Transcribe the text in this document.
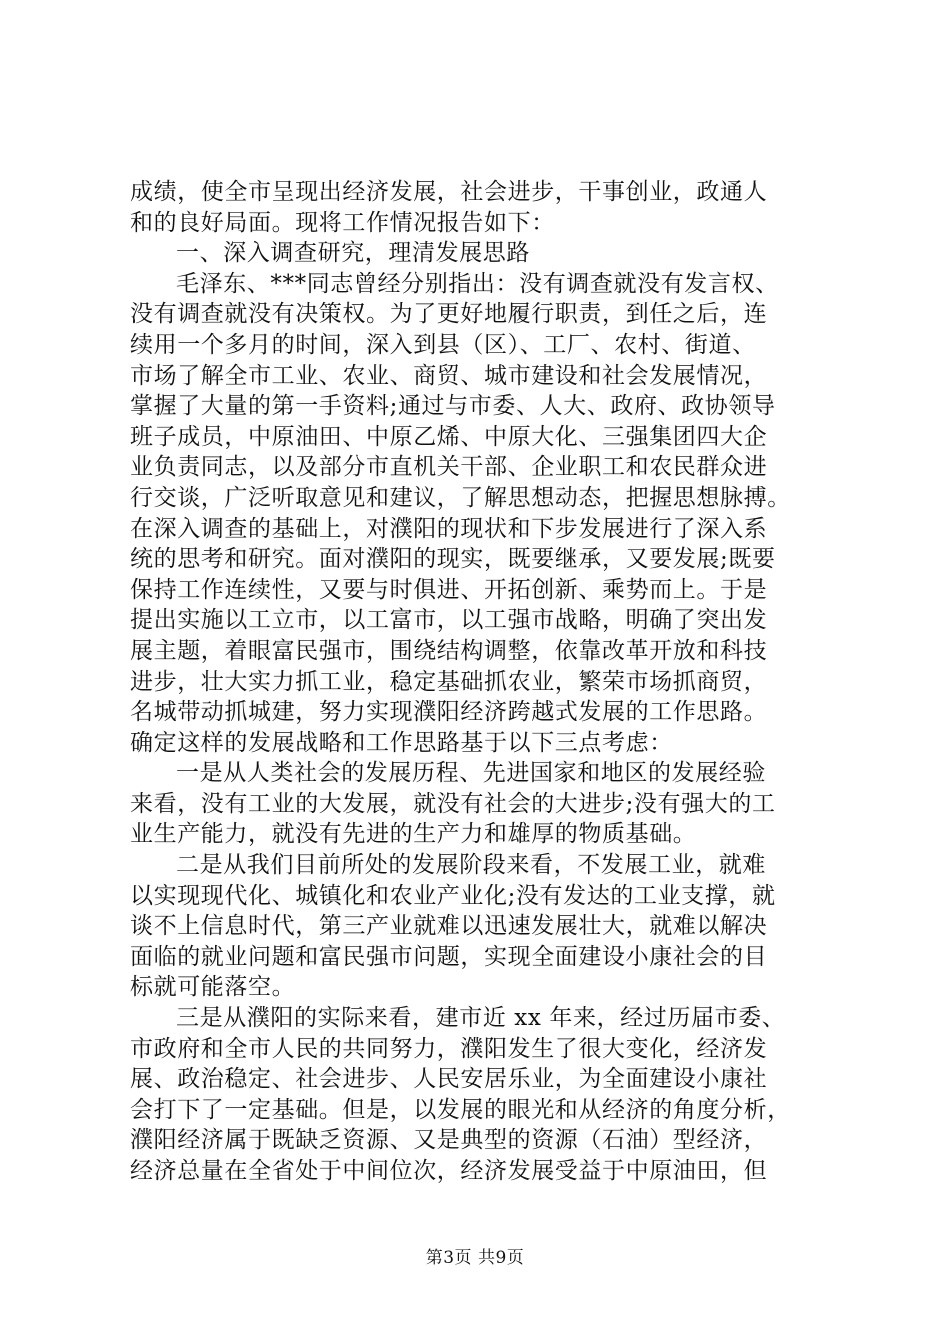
成绩，使全市呈现出经济发展，社会进步，干事创业，政通人
和的良好局面。现将工作情况报告如下：
一、深入调查研究，理清发展思路
毛泽东、***同志曾经分别指出：没有调查就没有发言权、
没有调查就没有决策权。为了更好地履行职责，到任之后，连
续用一个多月的时间，深入到县（区）、工厂、农村、街道、
市场了解全市工业、农业、商贸、城市建设和社会发展情况，
掌握了大量的第一手资料;通过与市委、人大、政府、政协领导
班子成员，中原油田、中原乙烯、中原大化、三强集团四大企
业负责同志，以及部分市直机关干部、企业职工和农民群众进
行交谈，广泛听取意见和建议，了解思想动态，把握思想脉搏。
在深入调查的基础上，对濮阳的现状和下步发展进行了深入系
统的思考和研究。面对濮阳的现实，既要继承，又要发展;既要
保持工作连续性，又要与时俱进、开拓创新、乘势而上。于是
提出实施以工立市，以工富市，以工强市战略，明确了突出发
展主题，着眼富民强市，围绕结构调整，依靠改革开放和科技
进步，壮大实力抓工业，稳定基础抓农业，繁荣市场抓商贸，
名城带动抓城建，努力实现濮阳经济跨越式发展的工作思路。
确定这样的发展战略和工作思路基于以下三点考虑：
一是从人类社会的发展历程、先进国家和地区的发展经验
来看，没有工业的大发展，就没有社会的大进步;没有强大的工
业生产能力，就没有先进的生产力和雄厚的物质基础。
二是从我们目前所处的发展阶段来看，不发展工业，就难
以实现现代化、城镇化和农业产业化;没有发达的工业支撑，就
谈不上信息时代，第三产业就难以迅速发展壮大，就难以解决
面临的就业问题和富民强市问题，实现全面建设小康社会的目
标就可能落空。
三是从濮阳的实际来看，建市近 xx 年来，经过历届市委、
市政府和全市人民的共同努力，濮阳发生了很大变化，经济发
展、政治稳定、社会进步、人民安居乐业，为全面建设小康社
会打下了一定基础。但是，以发展的眼光和从经济的角度分析，
濮阳经济属于既缺乏资源、又是典型的资源（石油）型经济，
经济总量在全省处于中间位次，经济发展受益于中原油田，但
第3页 共9页
